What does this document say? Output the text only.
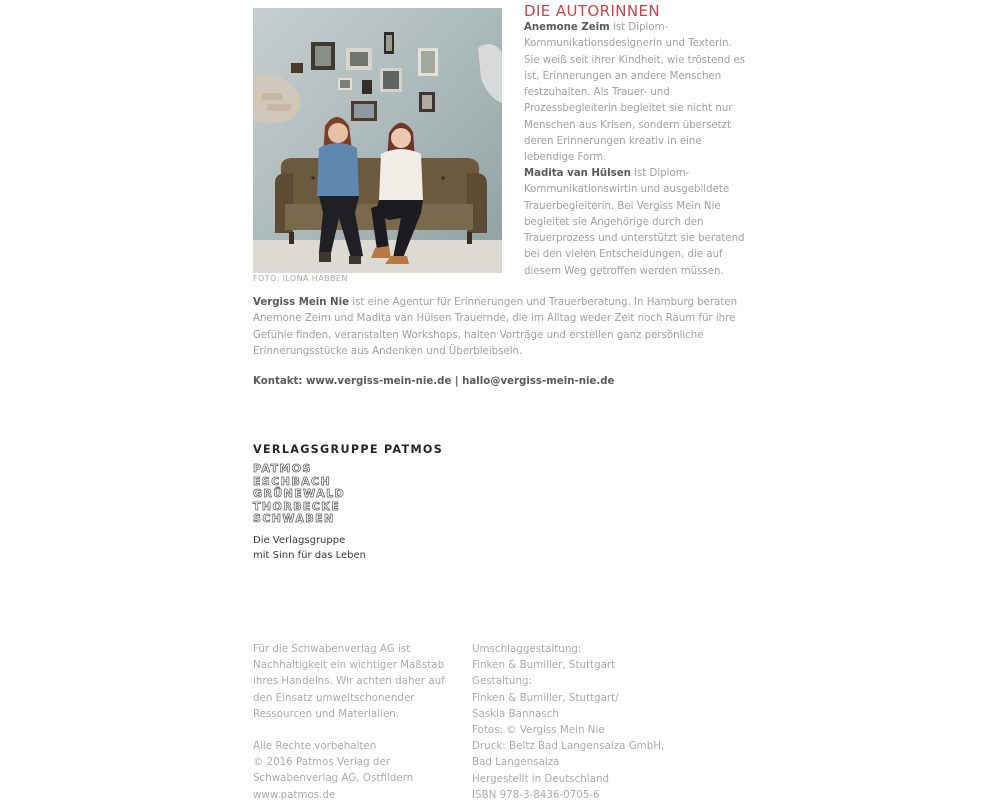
FOTO: ILONA HABBEN
DIE AUTORINNEN

Anemone Zeim ist Diplom-Kommunikationsdesignerin und Texterin. Sie weiß seit ihrer Kindheit, wie tröstend es ist, Erinnerungen an andere Menschen festzuhalten. Als Trauer- und Prozessbegleiterin begleitet sie nicht nur Menschen aus Krisen, sondern übersetzt deren Erinnerungen kreativ in eine lebendige Form.

Madita van Hülsen ist Diplom-Kommunikationswirtin und ausgebildete Trauerbegleiterin. Bei Vergiss Mein Nie begleitet sie Angehörige durch den Trauerprozess und unterstützt sie beratend bei den vielen Entscheidungen, die auf diesem Weg getroffen werden müssen.

Vergiss Mein Nie ist eine Agentur für Erinnerungen und Trauerberatung. In Hamburg beraten Anemone Zeim und Madita van Hülsen Trauernde, die im Alltag weder Zeit noch Raum für ihre Gefühle finden, veranstalten Workshops, halten Vorträge und erstellen ganz persönliche Erinnerungsstücke aus Andenken und Überbleibseln.

Kontakt: www.vergiss-mein-nie.de | hallo@vergiss-mein-nie.de

VERLAGSGRUPPE PATMOS
PATMOS
ESCHBACH
GRÜNEWALD
THORBECKE
SCHWABEN
Die Verlagsgruppe
mit Sinn für das Leben

Für die Schwabenverlag AG ist Nachhaltigkeit ein wichtiger Maßstab ihres Handelns. Wir achten daher auf den Einsatz umweltschonender Ressourcen und Materialien.

Alle Rechte vorbehalten
© 2016 Patmos Verlag der Schwabenverlag AG, Ostfildern
www.patmos.de
Umschlaggestaltung:
Finken & Bumiller, Stuttgart
Gestaltung:
Finken & Bumiller, Stuttgart/
Saskia Bannasch
Fotos: © Vergiss Mein Nie
Druck: Beltz Bad Langensalza GmbH,
Bad Langensalza
Hergestellt in Deutschland
ISBN 978-3-8436-0705-6
